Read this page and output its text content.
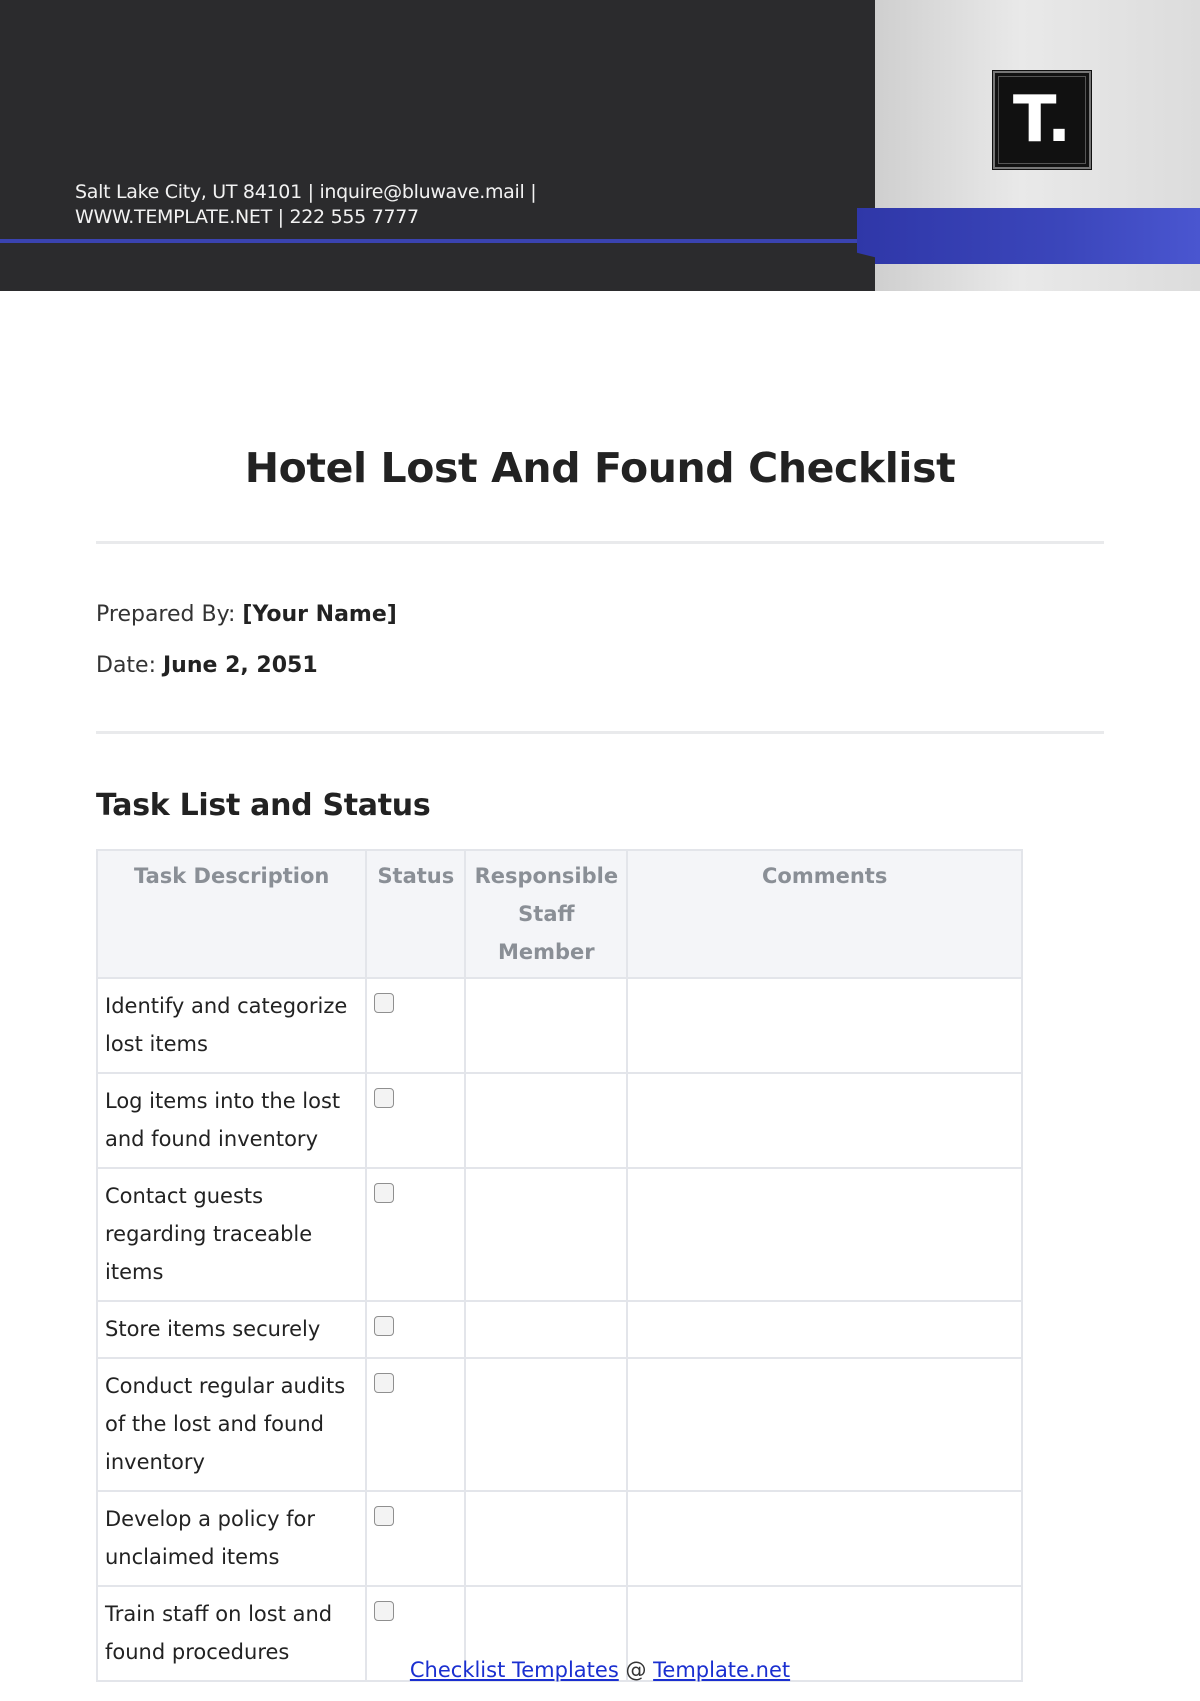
Salt Lake City, UT 84101 | inquire@bluwave.mail |
WWW.TEMPLATE.NET | 222 555 7777
T.
Hotel Lost And Found Checklist
Prepared By: [Your Name]
Date: June 2, 2051
Task List and Status
Task Description	Status	Responsible Staff Member	Comments
Identify and categorize lost items			
Log items into the lost and found inventory			
Contact guests regarding traceable items			
Store items securely			
Conduct regular audits of the lost and found inventory			
Develop a policy for unclaimed items			
Train staff on lost and found procedures			
Checklist Templates @ Template.net
